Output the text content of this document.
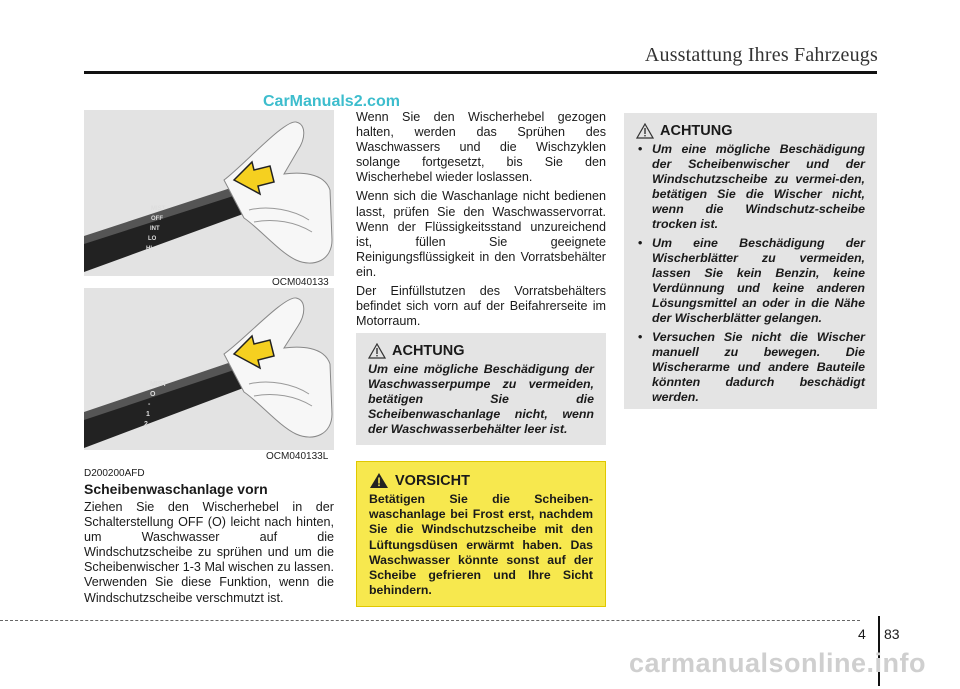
Ausstattung Ihres Fahrzeugs
CarManuals2.com
MIST
OFF
INT
LO
HI
OCM040133
MIST
O
-
1
2
OCM040133L
D200200AFD
Scheibenwaschanlage vorn

Ziehen Sie den Wischerhebel in der Schalterstellung OFF (O) leicht nach hinten, um Waschwasser auf die Windschutzscheibe zu sprühen und um die Scheibenwischer 1-3 Mal wischen zu lassen. Verwenden Sie diese Funktion, wenn die Windschutzscheibe verschmutzt ist.

Wenn Sie den Wischerhebel gezogen halten, werden das Sprühen des Waschwassers und die Wischzyklen solange fortgesetzt, bis Sie den Wischerhebel wieder loslassen.

Wenn sich die Waschanlage nicht bedienen lasst, prüfen Sie den Waschwasservorrat. Wenn der Flüssigkeitsstand unzureichend ist, füllen Sie geeignete Reinigungsflüssigkeit in den Vorratsbehälter ein.

Der Einfüllstutzen des Vorratsbehälters befindet sich vorn auf der Beifahrerseite im Motorraum.

ACHTUNG
Um eine mögliche Beschädigung der Waschwasserpumpe zu vermeiden, betätigen Sie die Scheibenwaschanlage nicht, wenn der Waschwasserbehälter leer ist.
VORSICHT
Betätigen Sie die Scheiben-waschanlage bei Frost erst, nachdem Sie die Windschutzscheibe mit den Lüftungsdüsen erwärmt haben. Das Waschwasser könnte sonst auf der Scheibe gefrieren und Ihre Sicht behindern.
ACHTUNG
• Um eine mögliche Beschädigung der Scheibenwischer und der Windschutzscheibe zu vermei-den, betätigen Sie die Wischer nicht, wenn die Windschutz-scheibe trocken ist.
• Um eine Beschädigung der Wischerblätter zu vermeiden, lassen Sie kein Benzin, keine Verdünnung und keine anderen Lösungsmittel an oder in die Nähe der Wischerblätter gelangen.
• Versuchen Sie nicht die Wischer manuell zu bewegen. Die Wischerarme und andere Bauteile könnten dadurch beschädigt werden.
4 83
carmanualsonline.info
